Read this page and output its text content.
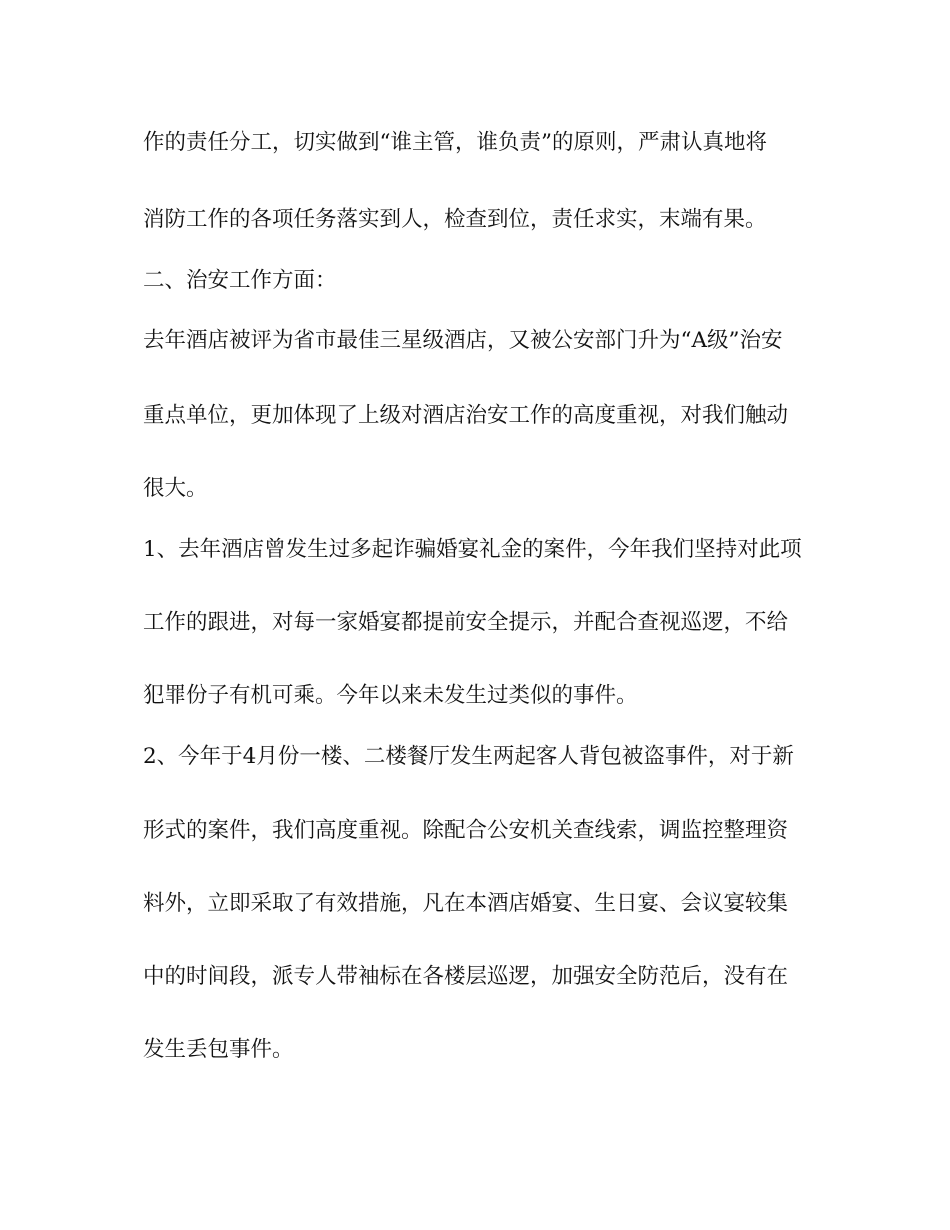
作的责任分工，切实做到“谁主管，谁负责”的原则，严肃认真地将
消防工作的各项任务落实到人，检查到位，责任求实，末端有果。
二、治安工作方面：
去年酒店被评为省市最佳三星级酒店，又被公安部门升为“A级”治安
重点单位，更加体现了上级对酒店治安工作的高度重视，对我们触动
很大。
1、去年酒店曾发生过多起诈骗婚宴礼金的案件，今年我们坚持对此项
工作的跟进，对每一家婚宴都提前安全提示，并配合查视巡逻，不给
犯罪份子有机可乘。今年以来未发生过类似的事件。
2、今年于4月份一楼、二楼餐厅发生两起客人背包被盗事件，对于新
形式的案件，我们高度重视。除配合公安机关查线索，调监控整理资
料外，立即采取了有效措施，凡在本酒店婚宴、生日宴、会议宴较集
中的时间段，派专人带袖标在各楼层巡逻，加强安全防范后，没有在
发生丢包事件。
